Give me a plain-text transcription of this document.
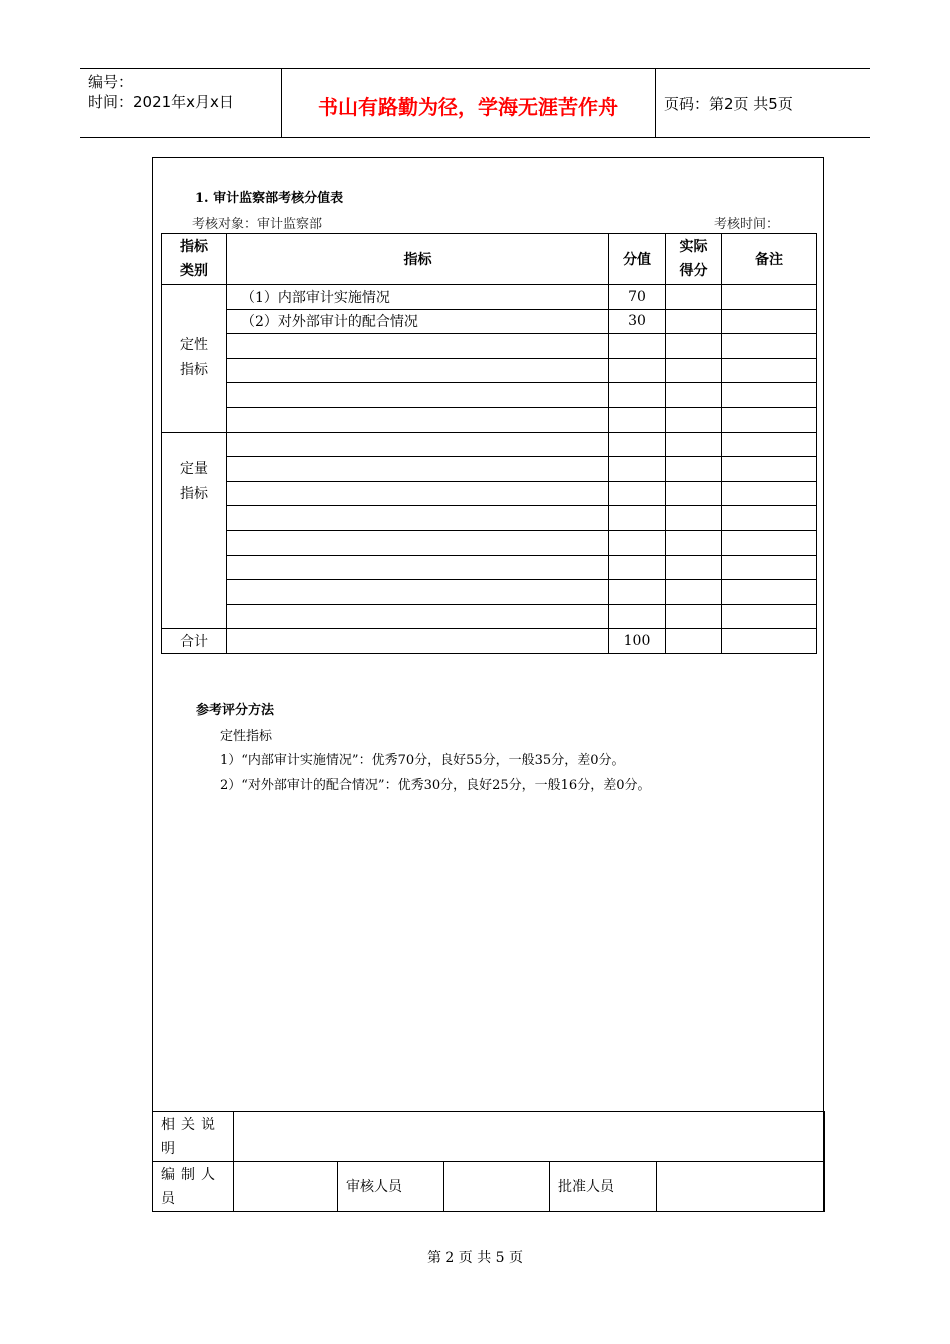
编号：
时间：2021年x月x日	书山有路勤为径，学海无涯苦作舟	页码：第2页 共5页
1. 审计监察部考核分值表
考核对象：审计监察部	考核时间：
指标类别	指标	分值	实际得分	备注

定性指标	（1）内部审计实施情况	70		
	（2）对外部审计的配合情况	30		

定量指标				

合计		100		
参考评分方法
定性指标
1）“内部审计实施情况”：优秀70分，良好55分，一般35分，差0分。
2）“对外部审计的配合情况”：优秀30分，良好25分，一般16分，差0分。
相关说明					
编制人员		审核人员		批准人员	
第 2 页 共 5 页
